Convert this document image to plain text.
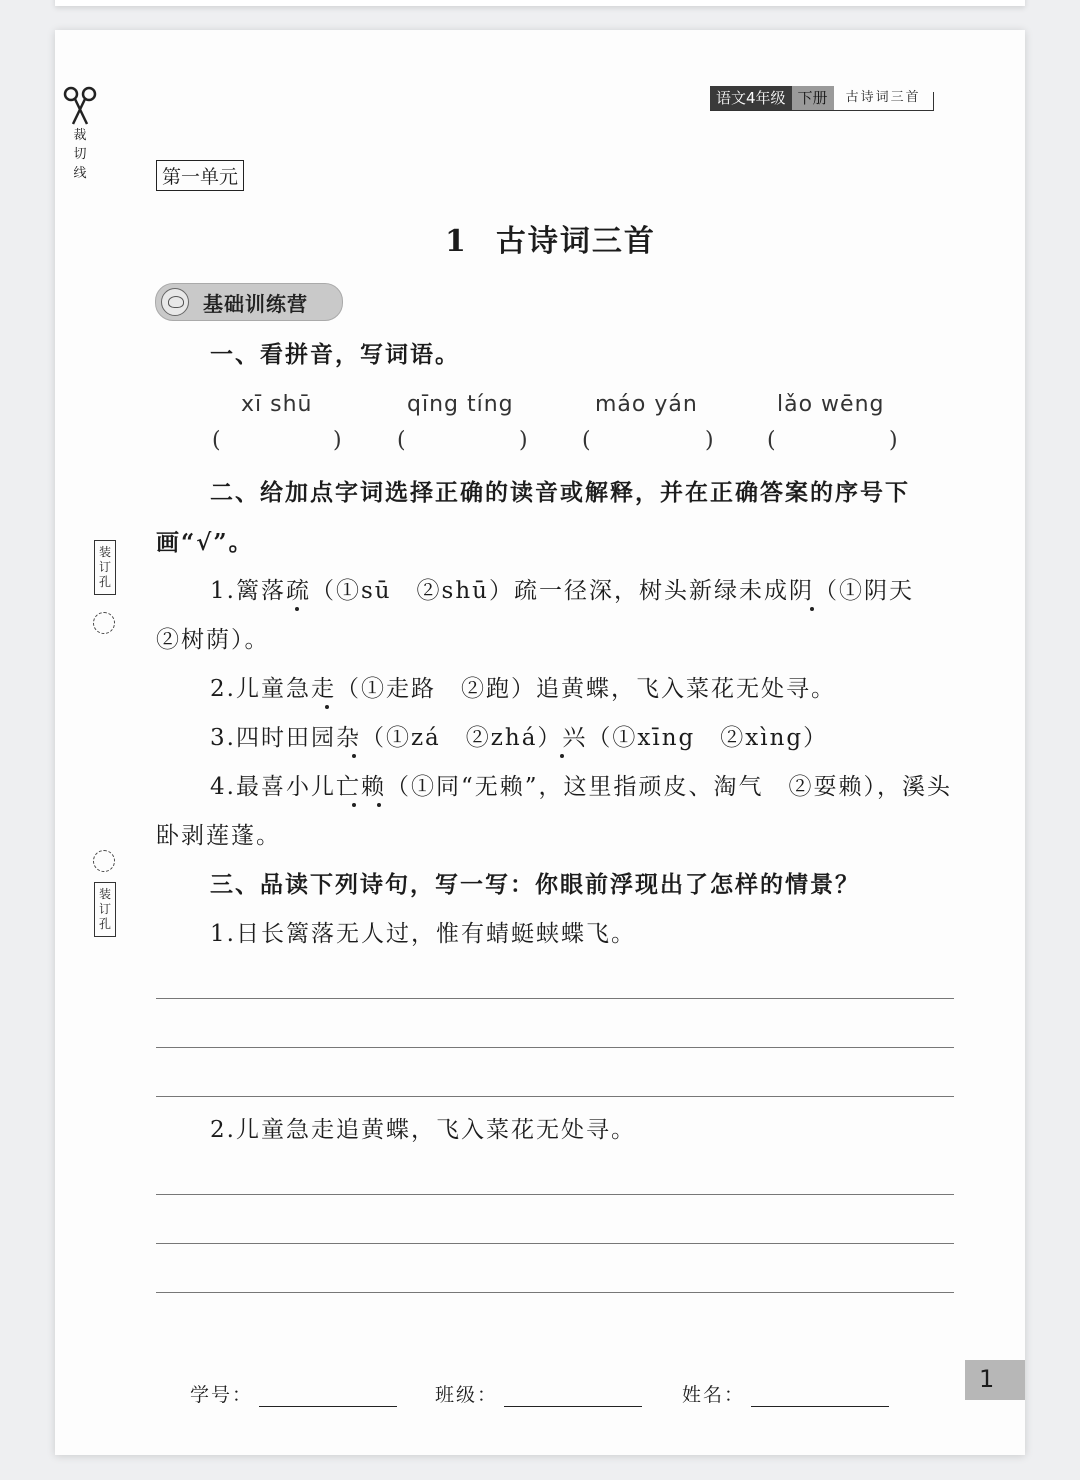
裁切线
装订孔
装订孔
语文4年级 下册	古诗词三首
第一单元
1 古诗词三首
基础训练营
一、看拼音，写词语。
xī shū	qīng tíng	máo yán	lǎo wēng
(	)	(	) (	) (	)
二、给加点字词选择正确的读音或解释，并在正确答案的序号下
画“√”。
1.篱落疏（①sū　②shū）疏一径深，树头新绿未成阴（①阴天
②树荫）。
2.儿童急走（①走路　②跑）追黄蝶，飞入菜花无处寻。
3.四时田园杂（①zá　②zhá）兴（①xīng　②xìng）
4.最喜小儿亡赖（①同“无赖”，这里指顽皮、淘气　②耍赖），溪头
卧剥莲蓬。
三、品读下列诗句，写一写：你眼前浮现出了怎样的情景？
1.日长篱落无人过，惟有蜻蜓蛱蝶飞。
2.儿童急走追黄蝶，飞入菜花无处寻。
学号：	班级：	姓名：
1
